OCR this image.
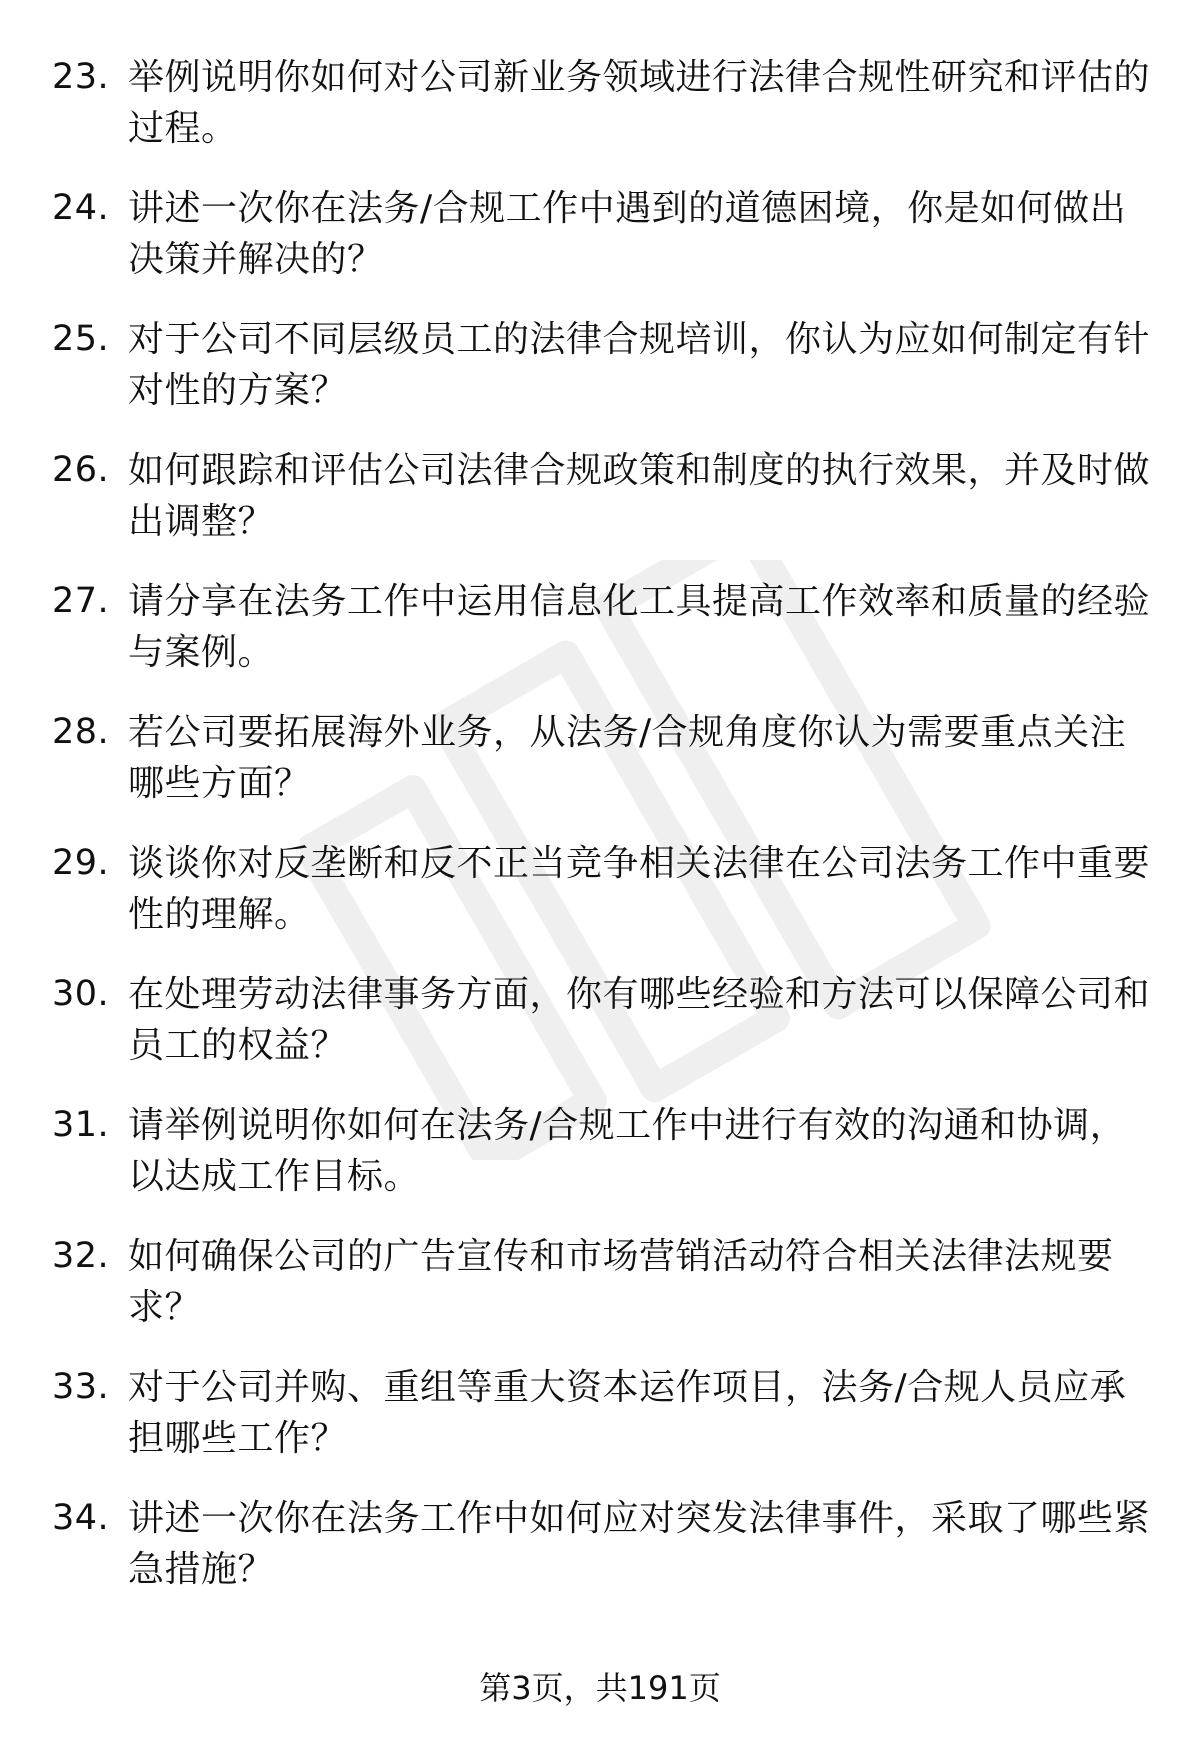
23. 举例说明你如何对公司新业务领域进行法律合规性研究和评估的过程。
24. 讲述一次你在法务/合规工作中遇到的道德困境，你是如何做出决策并解决的？
25. 对于公司不同层级员工的法律合规培训，你认为应如何制定有针对性的方案？
26. 如何跟踪和评估公司法律合规政策和制度的执行效果，并及时做出调整？
27. 请分享在法务工作中运用信息化工具提高工作效率和质量的经验与案例。
28. 若公司要拓展海外业务，从法务/合规角度你认为需要重点关注哪些方面？
29. 谈谈你对反垄断和反不正当竞争相关法律在公司法务工作中重要性的理解。
30. 在处理劳动法律事务方面，你有哪些经验和方法可以保障公司和员工的权益？
31. 请举例说明你如何在法务/合规工作中进行有效的沟通和协调，以达成工作目标。
32. 如何确保公司的广告宣传和市场营销活动符合相关法律法规要求？
33. 对于公司并购、重组等重大资本运作项目，法务/合规人员应承担哪些工作？
34. 讲述一次你在法务工作中如何应对突发法律事件，采取了哪些紧急措施？
第3页，共191页
